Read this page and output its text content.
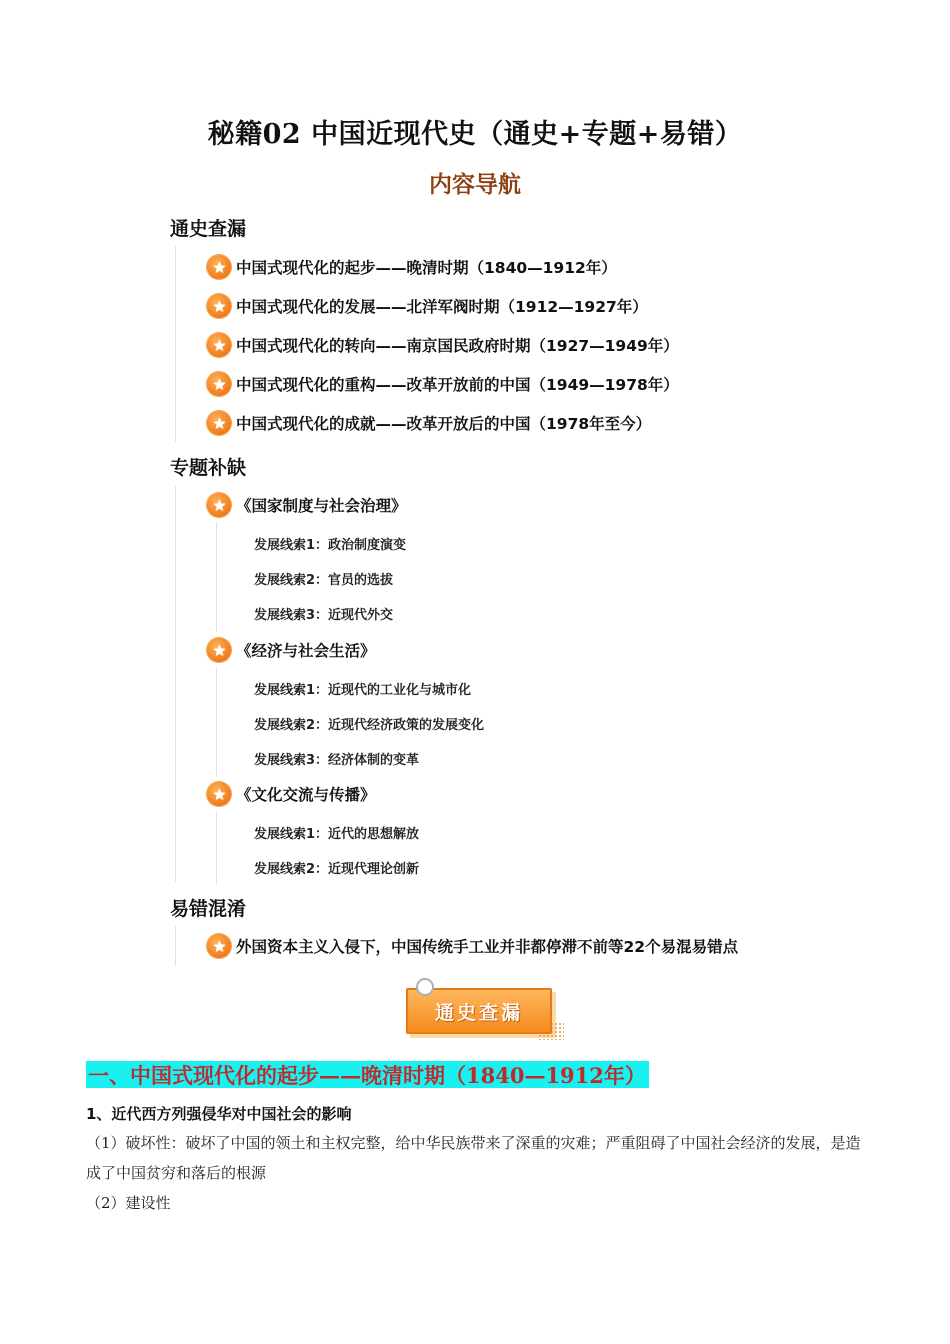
秘籍02 中国近现代史（通史+专题+易错）
内容导航
通史查漏
中国式现代化的起步——晚清时期（1840—1912年）
中国式现代化的发展——北洋军阀时期（1912—1927年）
中国式现代化的转向——南京国民政府时期（1927—1949年）
中国式现代化的重构——改革开放前的中国（1949—1978年）
中国式现代化的成就——改革开放后的中国（1978年至今）
专题补缺
《国家制度与社会治理》
发展线索1：政治制度演变
发展线索2：官员的选拔
发展线索3：近现代外交
《经济与社会生活》
发展线索1：近现代的工业化与城市化
发展线索2：近现代经济政策的发展变化
发展线索3：经济体制的变革
《文化交流与传播》
发展线索1：近代的思想解放
发展线索2：近现代理论创新
易错混淆
外国资本主义入侵下，中国传统手工业并非都停滞不前等22个易混易错点
通史查漏
一、中国式现代化的起步——晚清时期（1840—1912年）
1、近代西方列强侵华对中国社会的影响
（1）破坏性：破坏了中国的领土和主权完整，给中华民族带来了深重的灾难；严重阻碍了中国社会经济的发展，是造成了中国贫穷和落后的根源
（2）建设性
